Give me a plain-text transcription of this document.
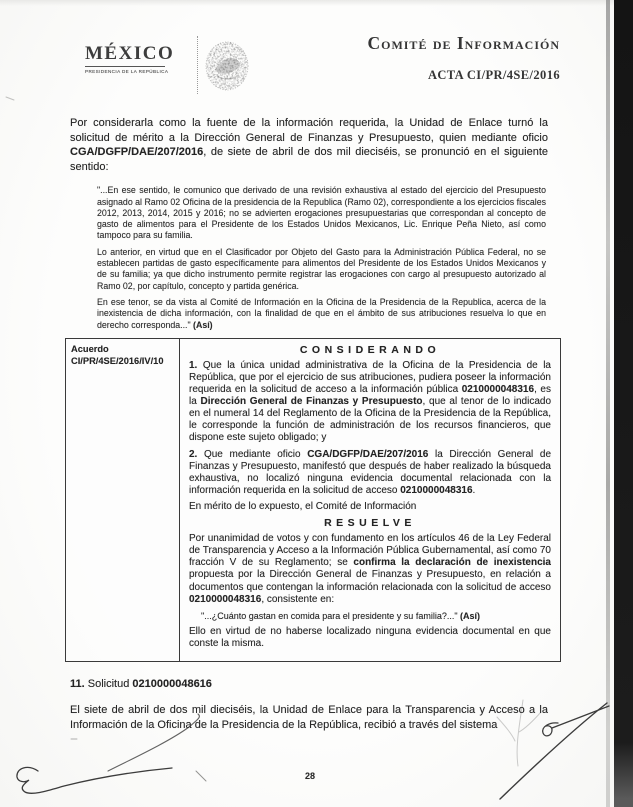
MÉXICO
PRESIDENCIA DE LA REPÚBLICA
Comité de Información
ACTA CI/PR/4SE/2016

Por considerarla como la fuente de la información requerida, la Unidad de Enlace turnó la solicitud de mérito a la Dirección General de Finanzas y Presupuesto, quien mediante oficio CGA/DGFP/DAE/207/2016, de siete de abril de dos mil dieciséis, se pronunció en el siguiente sentido:

"...En ese sentido, le comunico que derivado de una revisión exhaustiva al estado del ejercicio del Presupuesto asignado al Ramo 02 Oficina de la presidencia de la Republica (Ramo 02), correspondiente a los ejercicios fiscales 2012, 2013, 2014, 2015 y 2016; no se advierten erogaciones presupuestarias que correspondan al concepto de gasto de alimentos para el Presidente de los Estados Unidos Mexicanos, Lic. Enrique Peña Nieto, así como tampoco para su familia.

Lo anterior, en virtud que en el Clasificador por Objeto del Gasto para la Administración Pública Federal, no se establecen partidas de gasto específicamente para alimentos del Presidente de los Estados Unidos Mexicanos y de su familia; ya que dicho instrumento permite registrar las erogaciones con cargo al presupuesto autorizado al Ramo 02, por capítulo, concepto y partida genérica.

En ese tenor, se da vista al Comité de Información en la Oficina de la Presidencia de la Republica, acerca de la inexistencia de dicha información, con la finalidad de que en el ámbito de sus atribuciones resuelva lo que en derecho corresponda..." (Así)

Acuerdo
CI/PR/4SE/2016/IV/10

CONSIDERANDO

1. Que la única unidad administrativa de la Oficina de la Presidencia de la República, que por el ejercicio de sus atribuciones, pudiera poseer la información requerida en la solicitud de acceso a la información pública 0210000048316, es la Dirección General de Finanzas y Presupuesto, que al tenor de lo indicado en el numeral 14 del Reglamento de la Oficina de la Presidencia de la República, le corresponde la función de administración de los recursos financieros, que dispone este sujeto obligado; y

2. Que mediante oficio CGA/DGFP/DAE/207/2016 la Dirección General de Finanzas y Presupuesto, manifestó que después de haber realizado la búsqueda exhaustiva, no localizó ninguna evidencia documental relacionada con la información requerida en la solicitud de acceso 0210000048316.

En mérito de lo expuesto, el Comité de Información

RESUELVE

Por unanimidad de votos y con fundamento en los artículos 46 de la Ley Federal de Transparencia y Acceso a la Información Pública Gubernamental, así como 70 fracción V de su Reglamento; se confirma la declaración de inexistencia propuesta por la Dirección General de Finanzas y Presupuesto, en relación a documentos que contengan la información relacionada con la solicitud de acceso 0210000048316, consistente en:

"...¿Cuánto gastan en comida para el presidente y su familia?..." (Así)

Ello en virtud de no haberse localizado ninguna evidencia documental en que conste la misma.

11. Solicitud 0210000048616

El siete de abril de dos mil dieciséis, la Unidad de Enlace para la Transparencia y Acceso a la Información de la Oficina de la Presidencia de la República, recibió a través del sistema

28
